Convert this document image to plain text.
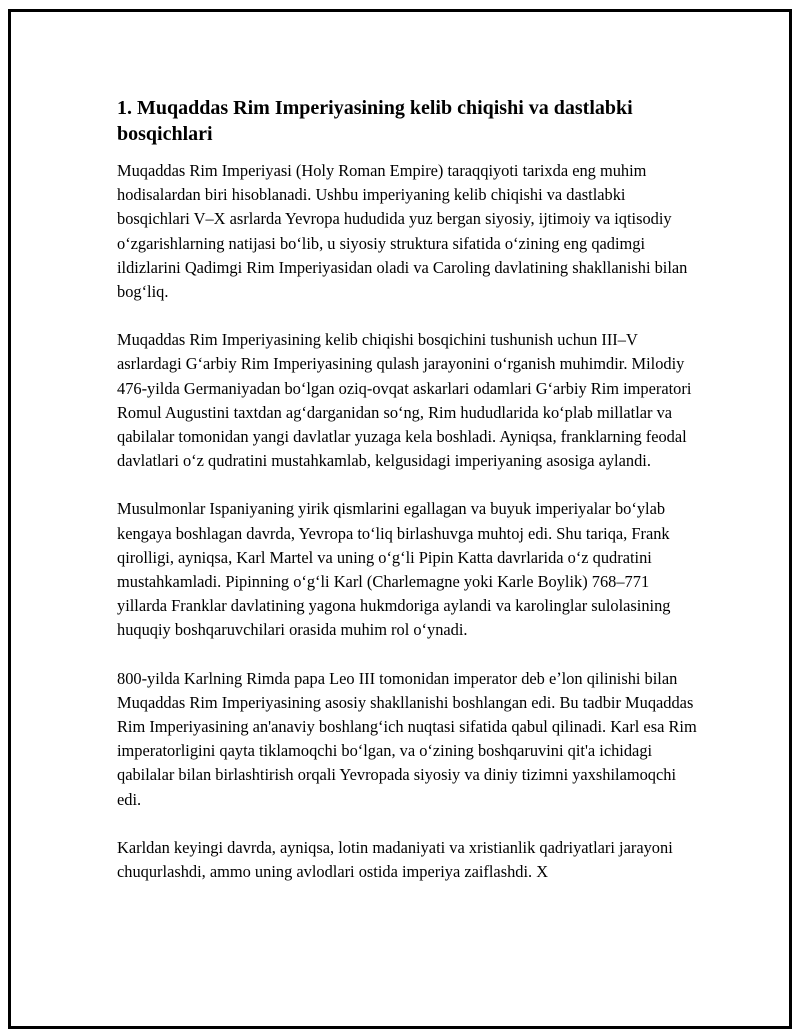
1. Muqaddas Rim Imperiyasining kelib chiqishi va dastlabki bosqichlari

Muqaddas Rim Imperiyasi (Holy Roman Empire) taraqqiyoti tarixda eng muhim hodisalardan biri hisoblanadi. Ushbu imperiyaning kelib chiqishi va dastlabki bosqichlari V–X asrlarda Yevropa hududida yuz bergan siyosiy, ijtimoiy va iqtisodiy oʻzgarishlarning natijasi boʻlib, u siyosiy struktura sifatida oʻzining eng qadimgi ildizlarini Qadimgi Rim Imperiyasidan oladi va Caroling davlatining shakllanishi bilan bogʻliq.

Muqaddas Rim Imperiyasining kelib chiqishi bosqichini tushunish uchun III–V asrlardagi Gʻarbiy Rim Imperiyasining qulash jarayonini oʻrganish muhimdir. Milodiy 476-yilda Germaniyadan boʻlgan oziq-ovqat askarlari odamlari Gʻarbiy Rim imperatori Romul Augustini taxtdan agʻdarganidan soʻng, Rim hududlarida koʻplab millatlar va qabilalar tomonidan yangi davlatlar yuzaga kela boshladi. Ayniqsa, franklarning feodal davlatlari oʻz qudratini mustahkamlab, kelgusidagi imperiyaning asosiga aylandi.

Musulmonlar Ispaniyaning yirik qismlarini egallagan va buyuk imperiyalar boʻylab kengaya boshlagan davrda, Yevropa toʻliq birlashuvga muhtoj edi. Shu tariqa, Frank qirolligi, ayniqsa, Karl Martel va uning oʻgʻli Pipin Katta davrlarida oʻz qudratini mustahkamladi. Pipinning oʻgʻli Karl (Charlemagne yoki Karle Boylik) 768–771 yillarda Franklar davlatining yagona hukmdoriga aylandi va karolinglar sulolasining huquqiy boshqaruvchilari orasida muhim rol oʻynadi.

800-yilda Karlning Rimda papa Leo III tomonidan imperator deb eʼlon qilinishi bilan Muqaddas Rim Imperiyasining asosiy shakllanishi boshlangan edi. Bu tadbir Muqaddas Rim Imperiyasining an'anaviy boshlangʻich nuqtasi sifatida qabul qilinadi. Karl esa Rim imperatorligini qayta tiklamoqchi boʻlgan, va oʻzining boshqaruvini qit'a ichidagi qabilalar bilan birlashtirish orqali Yevropada siyosiy va diniy tizimni yaxshilamoqchi edi.

Karldan keyingi davrda, ayniqsa, lotin madaniyati va xristianlik qadriyatlari jarayoni chuqurlashdi, ammo uning avlodlari ostida imperiya zaiflashdi. X
